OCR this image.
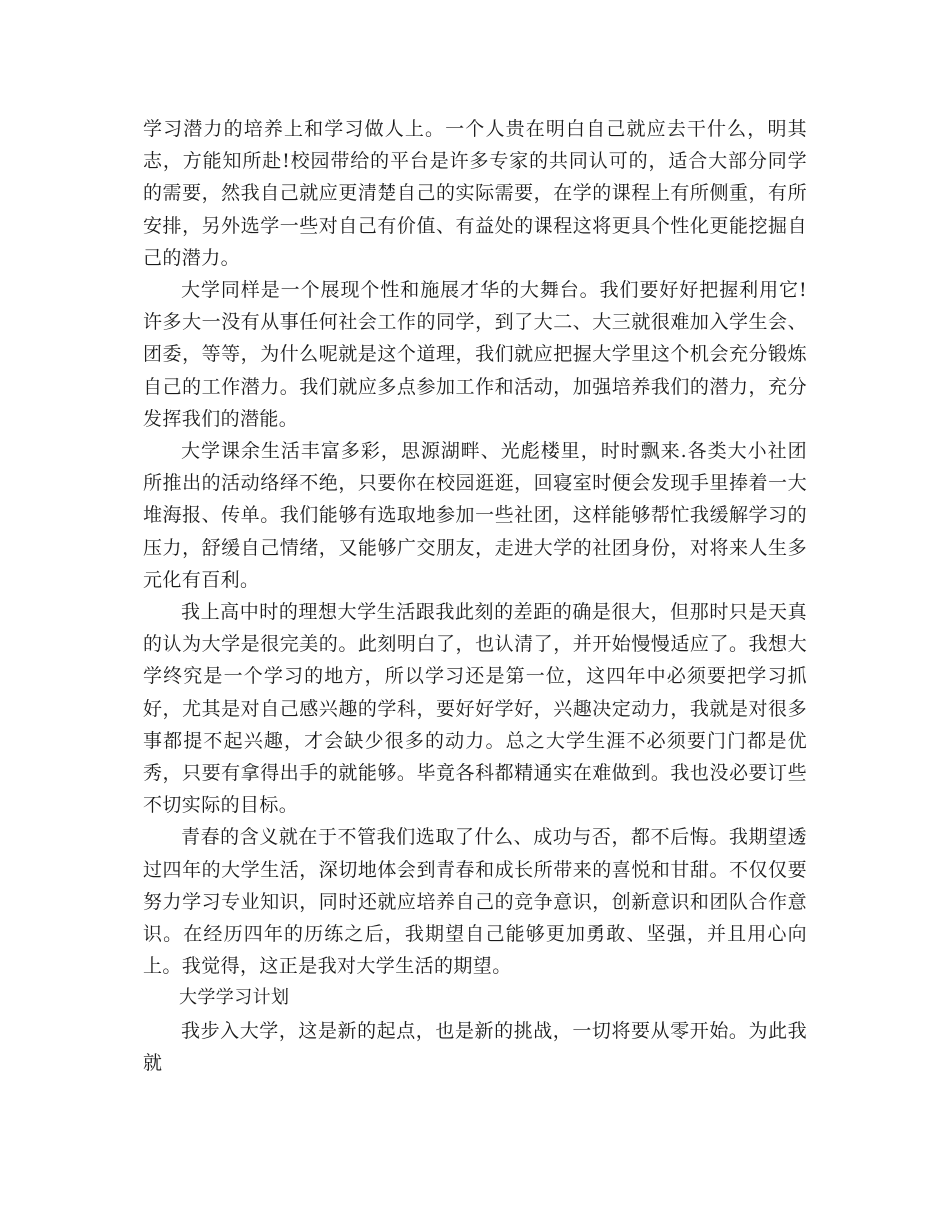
学习潜力的培养上和学习做人上。一个人贵在明白自己就应去干什么，明其志，方能知所赴!校园带给的平台是许多专家的共同认可的，适合大部分同学的需要，然我自己就应更清楚自己的实际需要，在学的课程上有所侧重，有所安排，另外选学一些对自己有价值、有益处的课程这将更具个性化更能挖掘自己的潜力。

大学同样是一个展现个性和施展才华的大舞台。我们要好好把握利用它!许多大一没有从事任何社会工作的同学，到了大二、大三就很难加入学生会、团委，等等，为什么呢就是这个道理，我们就应把握大学里这个机会充分锻炼自己的工作潜力。我们就应多点参加工作和活动，加强培养我们的潜力，充分发挥我们的潜能。

大学课余生活丰富多彩，思源湖畔、光彪楼里，时时飘来.各类大小社团所推出的活动络绎不绝，只要你在校园逛逛，回寝室时便会发现手里捧着一大堆海报、传单。我们能够有选取地参加一些社团，这样能够帮忙我缓解学习的压力，舒缓自己情绪，又能够广交朋友，走进大学的社团身份，对将来人生多元化有百利。

我上高中时的理想大学生活跟我此刻的差距的确是很大，但那时只是天真的认为大学是很完美的。此刻明白了，也认清了，并开始慢慢适应了。我想大学终究是一个学习的地方，所以学习还是第一位，这四年中必须要把学习抓好，尤其是对自己感兴趣的学科，要好好学好，兴趣决定动力，我就是对很多事都提不起兴趣，才会缺少很多的动力。总之大学生涯不必须要门门都是优秀，只要有拿得出手的就能够。毕竟各科都精通实在难做到。我也没必要订些不切实际的目标。

青春的含义就在于不管我们选取了什么、成功与否，都不后悔。我期望透过四年的大学生活，深切地体会到青春和成长所带来的喜悦和甘甜。不仅仅要努力学习专业知识，同时还就应培养自己的竞争意识，创新意识和团队合作意识。在经历四年的历练之后，我期望自己能够更加勇敢、坚强，并且用心向上。我觉得，这正是我对大学生活的期望。

大学学习计划

我步入大学，这是新的起点，也是新的挑战，一切将要从零开始。为此我就
